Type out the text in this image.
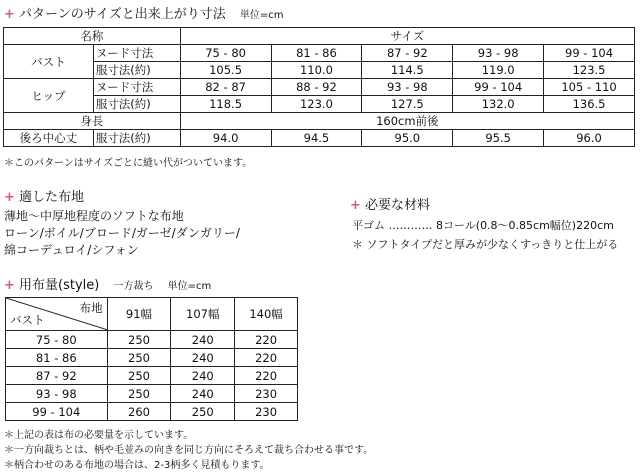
+ パターンのサイズと出来上がり寸法 単位=cm
名称		サイズ				
バスト	ヌード寸法	75 - 80	81 - 86	87 - 92	93 - 98	99 - 104
	服寸法(約)	105.5	110.0	114.5	119.0	123.5
ヒップ	ヌード寸法	82 - 87	88 - 92	93 - 98	99 - 104	105 - 110
	服寸法(約)	118.5	123.0	127.5	132.0	136.5
身長		160cm前後				
後ろ中心丈	服寸法(約)	94.0	94.5	95.0	95.5	96.0
＊このパターンはサイズごとに縫い代がついています。
+ 適した布地
薄地〜中厚地程度のソフトな布地
ローン/ボイル/ブロード/ガーゼ/ダンガリー/
綿コーデュロイ/シフォン
+ 必要な材料
平ゴム ………… 8コール(0.8〜0.85cm幅位)220cm
＊ ソフトタイプだと厚みが少なくすっきりと仕上がる
+ 用布量(style) 一方裁ち 単位=cm
布地
バスト	91幅	107幅	140幅
75 - 80	250	240	220
81 - 86	250	240	220
87 - 92	250	240	220
93 - 98	250	240	230
99 - 104	260	250	230
＊上記の表は布の必要量を示しています。
＊一方向裁ちとは、柄や毛並みの向きを同じ方向にそろえて裁ち合わせる事です。
＊柄合わせのある布地の場合は、2-3柄多く見積もります。
